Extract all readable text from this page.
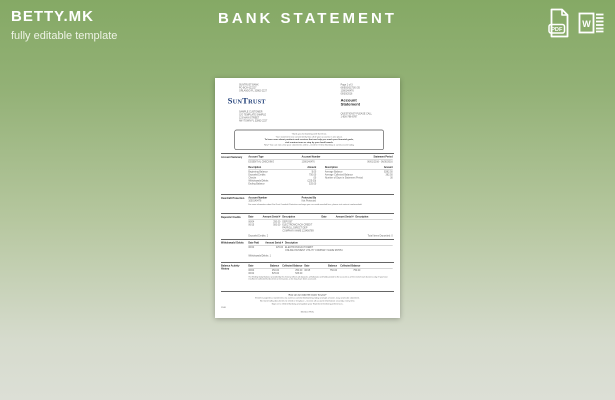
BETTY.MK
fully editable template
BANK STATEMENT
PDF
W
SUNTRUST BANK
PO BOX 622227
ORLANDO FL 32862-2227
SUNTRUST
SAMPLE CUSTOMER
C/O TEMPLATE SAMPLE
123 MAIN STREET
ANYTOWN FL 32862-2227
Page 1 of 3
66/E00/0175/0 /35
1000140476
06/30/2016
Account Statement
QUESTIONS? PLEASE CALL
1-800-786-8787
Thank you for banking with SunTrust.
Your statement now conveniently lists all of your accounts in one place.
To learn more about products and services that can help you reach your financial goals,
visit suntrust.com or stop by your local branch.
New! You can now view your statements online - enroll in Online Banking at suntrust.com today.
Account Summary Account Type	Account Number	Statement Period
ESSENTIAL CHECKING	1000140476	06/01/2016 - 06/30/2016
Description	Amount
Beginning Balance	$.00
Deposits/Credits	750.00
Checks	.00
Withdrawals/Debits	(225.00)
Ending Balance	525.00
Description	Amount
Average Balance	$362.50
Average Collected Balance	362.50
Number of Days in Statement Period	30
Overdraft Protection Account Number	Protected By
1000140476	Not Protected
For more information about SunTrust Overdraft Protection and ways you can avoid overdraft fees, please visit suntrust.com/overdraft.
Deposits/ Credits	Date	Amount Serial # Description	Date	Amount Serial # Description
06/04	250.00 DEPOSIT
06/15	500.00 ELECTRONIC/ACH CREDIT
PAYROLL DIRECT DEP COMPANY NAME 123456789
Deposits/Credits: 2	Total Items Deposited: 0
Withdrawals/ Debits Date Paid Amount Serial # Description
06/22	225.00 ELECTRONIC/ACH DEBIT
ONLINE PAYMENT UTILITY COMPANY NAME 987654
Withdrawals/Debits: 1
Balance Activity History
Date	Balance Collected Balance Date	Balance Collected Balance
06/04	250.00	250.00 06/15	750.00	750.00
06/22	525.00	525.00
The Ending Daily Balance provided by this history reflects all deposits, withdrawals and holds posted to the account as of the end of each business day. If you have insufficient collected funds when an item posts, a fee may have been assessed.
How can we make life easier for you?
Enroll in paperless statements via suntrust.com/onlinebanking today and get a faster, easy and safe statement.
No more bulky documents to shred or misplace - receive all account information securely, every time.
Sign on to Online Banking and update your Statement Delivery preferences.
1508
Member FDIC
